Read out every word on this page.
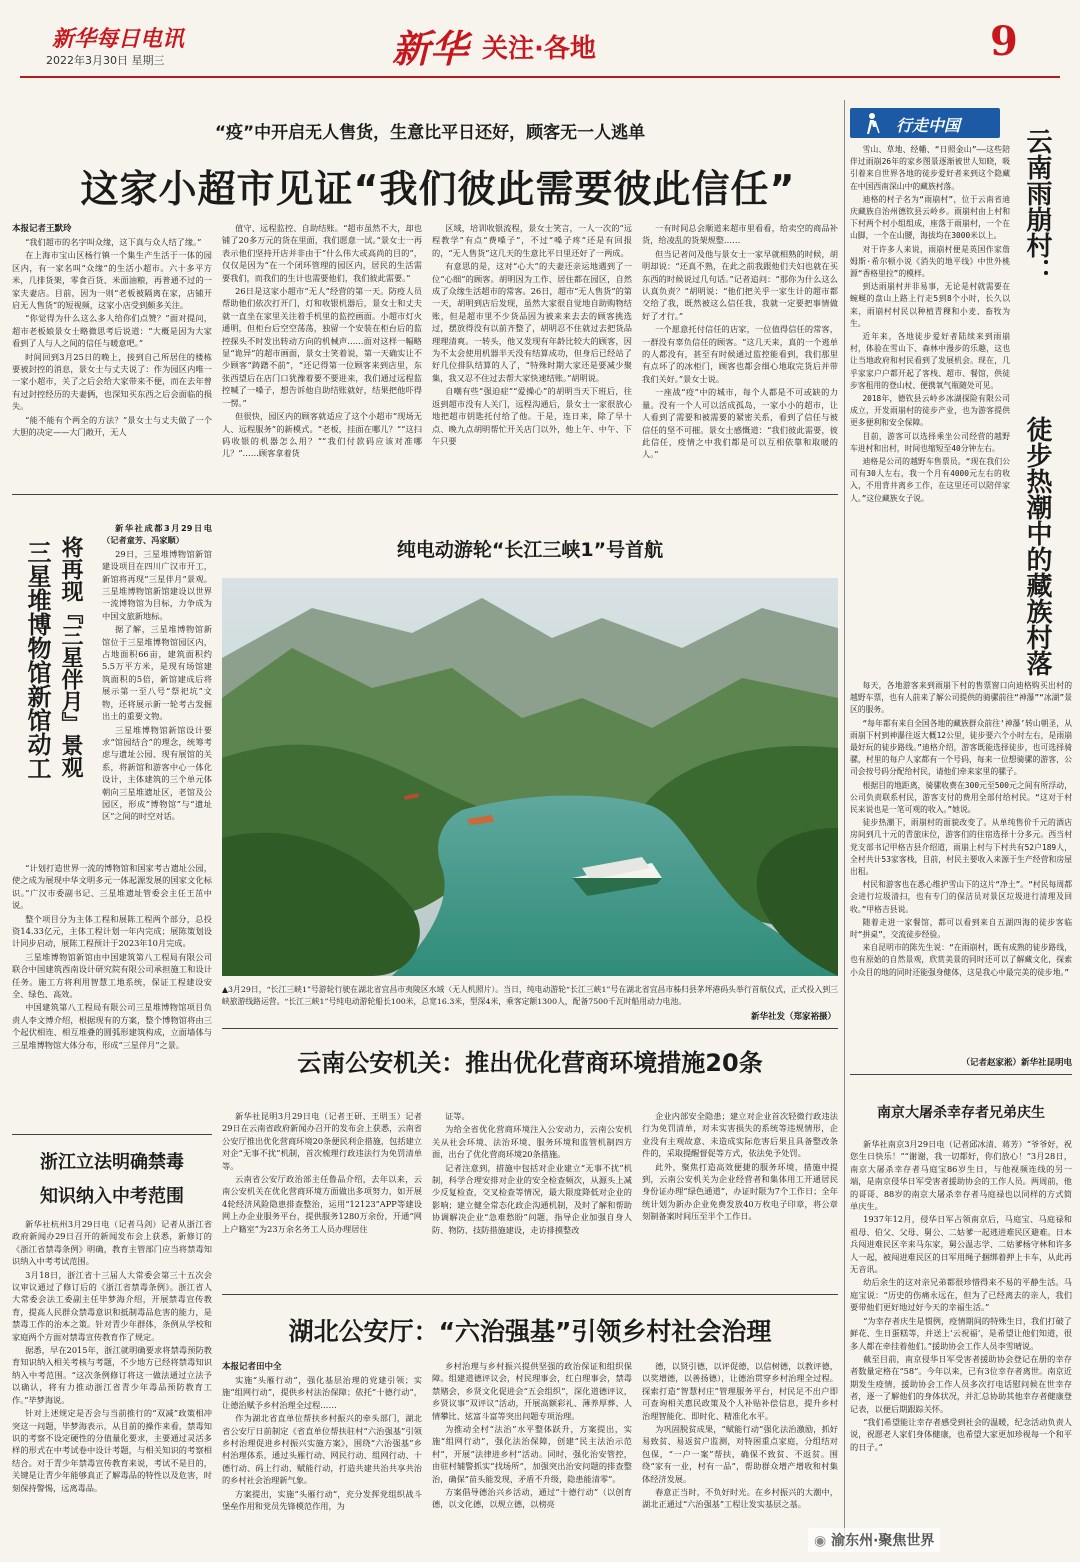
新华每日电讯
2022年3月30日 星期三	新华 关注·各地	9
“疫”中开启无人售货，生意比平日还好，顾客无一人逃单
这家小超市见证“我们彼此需要彼此信任”
本报记者王默玲

“我们超市的名字叫众缘，这下真与众人结了缘。”

在上海市宝山区杨行镇一个集生产生活于一体的园区内，有一家名叫“众缘”的生活小超市。六十多平方米，几排货架，零食百货、米面油粮，再普通不过的一家夫妻店。目前，因为一则“老板被隔离在家，店铺开启无人售货”的短视频，这家小店受到颇多关注。

“你觉得为什么这么多人给你们点赞？”面对提问，超市老板娘景女士略微思考后说道：“大概是因为大家看到了人与人之间的信任与暖意吧。”

时间回到3月25日的晚上，接到自己所居住的楼栋要被封控的消息，景女士与丈夫说了：作为园区内唯一一家小超市，关了之后会给大家带来不便，而在去年曾有过封控经历的夫妻俩，也深知买东西之后会面临的损失。

“能不能有个两全的方法？”景女士与丈夫做了一个大胆的决定——大门敞开，无人

值守、远程监控、自助结账。“超市虽然不大，却也铺了20多万元的货在里面，我们愿意一试。”景女士一再表示他们坚持开店并非由于“什么伟大或高尚的目的”，仅仅是因为“在一个闭环管理的园区内，居民的生活需要我们，而我们的生计也需要他们，我们彼此需要。”

26日是这家小超市“无人”经营的第一天。防疫人员帮助他们依次打开门，灯和收银机器后，景女士和丈夫就一直坐在家里关注着手机里的监控画面。小超市灯火通明，但柜台后空空荡荡，独留一个安装在柜台后的监控探头不时发出转动方向的机械声……面对这样一幅略显“诡异”的超市画面，景女士笑着说，第一天确实让不少顾客“踌躇不前”，“还记得第一位顾客来到店里，东张西望后在店门口犹豫着要不要进来，我们通过远程监控喊了一嗓子，想告诉他自助结账就好，结果把他吓得一愣。”

但很快，园区内的顾客就适应了这个小超市“现场无人、远程服务”的新模式。“老板，挂面在哪儿？”“这扫码收银的机器怎么用？”“我们付款码应该对准哪儿？”……顾客拿着货

区域，培训收银流程，景女士笑言，一人一次的“远程教学”有点“费嗓子”，不过“嗓子疼”还是有回报的，“无人售货”这几天的生意比平日里还好了一两成。

有意思的是，这对“心大”的夫妻还亲运地遇到了一位“心细”的顾客。胡明因为工作、居住都在园区，自然成了众缘生活超市的常客。26日，超市“无人售货”的第一天，胡明到店后发现，虽然大家很自觉地自助购物结账，但是超市里不少货品因为被来来去去的顾客挑选过，摆放得没有以前齐整了，胡明忍不住就过去把货品理理清爽。一转头，他又发现有年龄比较大的顾客，因为不太会使用机器半天没有结算成功，但身后已经站了好几位排队结算的人了，“特殊时期大家还是要减少聚集，我又忍不住过去帮大家快速结账。”胡明说。

自嘲有些“强迫症”“爱操心”的胡明当天下班后，往返到超市没有人关门，远程沟通后，景女士一家很放心地把超市钥匙托付给了他。于是，连日来，除了早十点、晚九点胡明帮忙开关店门以外，他上午、中午、下午只要

一有时间总会顺道来超市里看看，给卖空的商品补货，给凌乱的货架规整……

但当记者问及他与景女士一家早就相熟的时候，胡明却说：“还真不熟，在此之前我跟他们夫妇也就在买东西的时候说过几句话。”记者追问：“那你为什么这么认真负责？”胡明说：“他们把关乎一家生计的超市都交给了我，既然被这么信任我，我就一定要把事情做好了才行。”

一个愿意托付信任的店家，一位值得信任的常客，一群没有辜负信任的顾客。“这几天来，真的一个逃单的人都没有，甚至有时候通过监控能看到，我们那里有点坏了的冰柜门，顾客也都会细心地取完货后并带我们关好。”景女士说。

一座战“疫”中的城市，每个人都是不可或缺的力量。没有一个人可以活成孤岛，一家小小的超市，让人看到了需要和被需要的紧密关系，看到了信任与被信任的坚不可摧。景女士感慨道：“我们彼此需要，彼此信任，疫情之中我们都是可以互相依靠和取暖的人。”

三星堆博物馆新馆动工 将再现『三星伴月』景观

新华社成都3月29日电（记者童芳、冯家顺）

29日，三星堆博物馆新馆建设项目在四川广汉市开工，新馆将再现“三星伴月”景观。三星堆博物馆新馆建设以世界一流博物馆为目标，力争成为中国文旅新地标。

据了解，三星堆博物馆新馆位于三星堆博物馆园区内，占地面积66亩，建筑面积约5.5万平方米，是现有场馆建筑面积的5倍，新馆建成后将展示第一至八号“祭祀坑”文物，还将展示新一轮考古发掘出土的重要文物。

三星堆博物馆新馆设计要求“馆园结合”的理念，统筹考虑与遗址公园、现有展馆的关系，将新馆和游客中心一体化设计，主体建筑的三个单元体朝向三星堆遗址区，老馆及公园区，形成“博物馆”与“遗址区”之间的时空对话。

“计划打造世界一流的博物馆和国家考古遗址公园，使之成为展现中华文明多元一体起源发展的国家文化标识。”广汉市委副书记、三星堆遗址管委会主任王茁中说。

整个项目分为主体工程和展陈工程两个部分，总投资14.33亿元，主体工程计划一年内完成；展陈策划设计同步启动，展陈工程预计于2023年10月完成。

三星堆博物馆新馆由中国建筑第八工程局有限公司联合中国建筑西南设计研究院有限公司承担施工和设计任务。施工方将利用智慧工地系统，保证工程建设安全、绿色、高效。

中国建筑第八工程局有限公司三星堆博物馆项目负责人李文博介绍，根据现有的方案，整个博物馆将由三个起伏相连、相互堆叠的圆弧形建筑构成，立面墙体与三星堆博物馆大体分布，形成“三星伴月”之景。

纯电动游轮“长江三峡1”号首航
▲3月29日，“长江三峡1”号游轮行驶在湖北省宜昌市夷陵区水域（无人机照片）。当日，纯电动游轮“长江三峡1”号在湖北省宜昌市秭归县茅坪港码头举行首航仪式，正式投入到三峡旅游线路运营。“长江三峡1”号纯电动游轮船长100米，总宽16.3米，型深4米，乘客定额1300人，配备7500千瓦时船用动力电池。
新华社发（郑家裕摄）
云南公安机关：推出优化营商环境措施20条

新华社昆明3月29日电（记者王研、王明玉）记者29日在云南省政府新闻办召开的发布会上获悉，云南省公安厅推出优化营商环境20条便民利企措施，包括建立对企“无事不扰”机制，首次梳理行政违法行为免罚清单等。

云南省公安厅政治部主任鲁品介绍，去年以来，云南公安机关在优化营商环境方面做出多项努力，如开展4轮经济风险隐患排查整治，运用“12123”APP等建设网上办企业服务平台，提供服务1280万余份，开通“网上户籍室”为23万余名务工人员办理居住

证等。

为给全省优化营商环境注入公安动力，云南公安机关从社会环境、法治环境、服务环境和监管机制四方面，出台了优化营商环境20条措施。

记者注意到，措施中包括对企业建立“无事不扰”机制，科学合理安排对企业的安全检查频次，从源头上减少反复检查，交叉检查等情况，最大限度降低对企业的影响；建立健全常态化政企沟通机制，及时了解和帮助协调解决企业“急难愁盼”问题，指导企业加强自身人防、物防、技防措施建设，走访排摸整改

企业内部安全隐患；建立对企业首次轻微行政违法行为免罚清单，对未实害损失的系统等违规情形，企业没有主观故意、未造成实际危害后果且具备整改条件的，采取提醒督促等方式，依法免予处罚。

此外，聚焦打造高效便捷的服务环境，措施中提到，云南公安机关为企业经营者和集体用工开通居民身份证办理“绿色通道”，办证时限为7个工作日；全年统计划为新办企业免费发放40万枚电子印章，将公章刻制备案时间压至半个工作日。

浙江立法明确禁毒
知识纳入中考范围

新华社杭州3月29日电（记者马剑）记者从浙江省政府新闻办29日召开的新闻发布会上获悉，新修订的《浙江省禁毒条例》明确，教育主管部门应当将禁毒知识纳入中考考试范围。

3月18日，浙江省十三届人大常委会第三十五次会议审议通过了修订后的《浙江省禁毒条例》。浙江省人大常委会法工委副主任毕梦海介绍，开展禁毒宣传教育，提高人民群众禁毒意识和抵制毒品危害的能力，是禁毒工作的治本之策。针对青少年群体，条例从学校和家庭两个方面对禁毒宣传教育作了规定。

据悉，早在2015年，浙江就明确要求将禁毒预防教育知识纳入相关考核与考题，不少地方已经将禁毒知识纳入中考范围。“这次条例修订将这一做法通过立法予以确认，将有力推动浙江省青少年毒品预防教育工作。”毕梦海说。

针对上述规定是否会与当前推行的“双减”政策相冲突这一问题，毕梦海表示，从目前的操作来看，禁毒知识的考察不设定硬性的分值量化要求，主要通过灵活多样的形式在中考试卷中设计考题，与相关知识的考察相结合。对于青少年禁毒宣传教育来说，考试不是目的，关键是让青少年能够真正了解毒品的特性以及危害，时刻保持警惕，远离毒品。

湖北公安厅：“六治强基”引领乡村社会治理
本报记者田中全

实施“头雁行动”，强化基层治理的党建引领；实施“组网行动”，提供乡村法治保障；依托“十德行动”，让德治赋予乡村治理全过程……

作为湖北省直单位帮扶乡村振兴的牵头部门，湖北省公安厅日前制定《省直单位帮扶驻村“六治强基”引领乡村治理促进乡村振兴实施方案》，围绕“六治强基”乡村治理体系，通过头雁行动、网民行动、组网行动、十德行动、码上行动、赋能行动，打造共建共治共享共治的乡村社会治理新气象。

方案提出，实施“头雁行动”，充分发挥党组织战斗堡垒作用和党员先锋模范作用，为

乡村治理与乡村振兴提供坚强的政治保证和组织保障。组建道德评议会，村民理事会，红白理事会，禁毒禁赌会，乡贤文化促进会“五会组织”，深化道德评议，乡贤议事“双评议”活动，开展高额彩礼、薄养厚葬、人情攀比、炫富斗富等突出问题专项治理。

为推动全村“法治”水平整体跃升，方案提出，实施“组网行动”，强化法治保障，创建“民主法治示范村”，开展“法律进乡村”活动。同时，强化治安管控，由驻村辅警抓实“找场所”，加强突出治安问题的排查整治，确保“苗头能发现，矛盾不升级，隐患能清零”。

方案倡导德治兴乡活动，通过“十德行动”（以创育德，以文化德，以规立德，以榜亮

德，以贤引德，以评促德，以信树德，以教评德，以奖增德，以善扬德），让德治贯穿乡村治理全过程。探索打造“智慧村庄”管理服务平台，村民足不出户即可查询相关惠民政策及个人补贴补偿信息，提升乡村治理智能化、即时化、精准化水平。

为巩固脱贫成果，“赋能行动”强化法治激励，抓好易致贫、易返贫户监测，对特困重点家庭，分组结对包保，“一户一案”帮扶，确保不致贫、不返贫。围绕“家有一业，村有一品”，帮助群众增产增收和村集体经济发展。

春意正当时，不负好时光。在乡村振兴的大潮中，湖北正通过“六治强基”工程让发实基层之基。

行走中国
云南雨崩村：
徒步热潮中的藏族村落

雪山、草地、经幡、“日照金山”——这些陪伴过雨崩26年的家乡图景逐渐被世人知晓，吸引着来自世界各地的徒步爱好者来到这个隐藏在中国西南深山中的藏族村落。

迪格的村子名为“雨崩村”，位于云南省迪庆藏族自治州德钦县云岭乡。雨崩村由上村和下村两个村小组组成，座落于雨崩村，一个在山脚，一个在山腰，海拔均在3000米以上。

对于许多人来说，雨崩村便是英国作家詹姆斯·希尔顿小说《消失的地平线》中世外桃源“香格里拉”的模样。

到达雨崩村并非易事，无论是村就需要在蜿蜒的盘山上路上行走5到8个小时，长久以来，雨崩村村民以种植青稞和小麦、畜牧为生。

近年来，各地徒步爱好者陆续来到雨崩村，体验在雪山下、森林中漫步的乐趣，这也让当地政府和村民看到了发展机会。现在，几乎家家户户都开起了客栈、超市、餐馆，供徒步客租用的登山杖、便携氧气瓶随处可见。

2018年，德钦县云岭乡冰湖探险有限公司成立，开发雨崩村的徒步产业，也为游客提供更多便利和安全保障。

目前，游客可以选择乘坐公司经营的越野车进村和出村，时间也缩短至40分钟左右。

迪格是公司的越野车售票员。“现在我们公司有30人左右，我一个月有4000元左右的收入，不用背井离乡工作，在这里还可以陪伴家人。”这位藏族女子说。

每天，各地游客来到雨崩下村的售票窗口向迪格购买出村的越野车票，也有人前来了解公司提供的骑骡前往“神瀑”“冰湖”景区的服务。

“每年都有来自全国各地的藏族群众前往‘神瀑’转山朝圣，从雨崩下村到神瀑往返大概12公里，徒步要六个小时左右，是雨崩最好玩的徒步路线。”迪格介绍，游客既能选择徒步，也可选择骑骡，村里的每户人家都有一个号码，每来一位想骑骡的游客，公司会按号码分配给村民，请他们牵来家里的骡子。

根据目的地距离，骑骡收费在300元至500元之间有所浮动，公司负责联系村民，游客支付的费用全部付给村民。“这对于村民来说也是一笔可观的收入。”她说。

徒步热潮下，雨崩村的面貌改变了。从单纯售价千元的酒店房间到几十元的青旅床位，游客们的住宿选择十分多元。西当村党支部书记甲格吉县介绍道，雨崩上村与下村共有52户189人，全村共计53家客栈，目前，村民主要收入来源于生产经营和房屋出租。

村民和游客也在悉心维护雪山下的这片“净土”。“村民每周都会进行垃圾清扫，也有专门的保洁员对景区垃圾进行清理及回收。”甲格吉县说。

随着走进一家餐馆，都可以看到来自五湖四海的徒步客临时“拼桌”，交流徒步经验。

来自昆明市的陈先生说：“在雨崩村，既有成熟的徒步路线，也有原始的自然景观，欣赏美景的同时还可以了解藏文化，探索小众目的地的同时还能强身健体，这是我心中最完美的徒步地。”

（记者赵家淞）新华社昆明电
南京大屠杀幸存者兄弟庆生

新华社南京3月29日电（记者邱冰清、蒋芳）“爷爷好，祝您生日快乐！”“谢谢，我一切都好，你们放心！”3月28日，南京大屠杀幸存者马庭宝86岁生日，与他视频连线的另一端，是南京侵华日军受害者援助协会的工作人员。两周前，他的哥哥、88岁的南京大屠杀幸存者马庭禄也以同样的方式简单庆生。

1937年12月，侵华日军占领南京后，马庭宝、马庭禄和祖母、伯父、父母、舅公、二姑爹一起逃进难民区避难。日本兵闯进难民区辛来马东家，舅公温志学、二姑爹杨守林和许多人一起，被闯进难民区的日军用绳子捆绑着押上卡车，从此再无音讯。

幼后余生的这对亲兄弟都很珍惜得来不易的平静生活。马庭宝说：“历史的伤痛永远在，但为了已经离去的亲人，我们要带他们更好地过好今天的幸福生活。”

“为幸存者庆生是惯例，疫情期间的特殊生日，我们打破了鲜花、生日蛋糕等，并送上‘云祝福’，是希望让他们知道，很多人都在牵挂着他们。”援助协会工作人员李雪晴说。

截至目前，南京侵华日军受害者援助协会登记在册的幸存者数量定格在“58”。今年以来，已有3位幸存者离世。南京近期发生疫情，援助协会工作人员多次打电话慰问候在世幸存者，逐一了解他们的身体状况，并汇总协助其他幸存者健康登记表，以便后期跟踪关怀。

“我们希望能让幸存者感受到社会的温暖，纪念活动负责人说，祝愿老人家们身体健康，也希望大家更加珍视每一个和平的日子。”

◉ 渝东州·聚焦世界
